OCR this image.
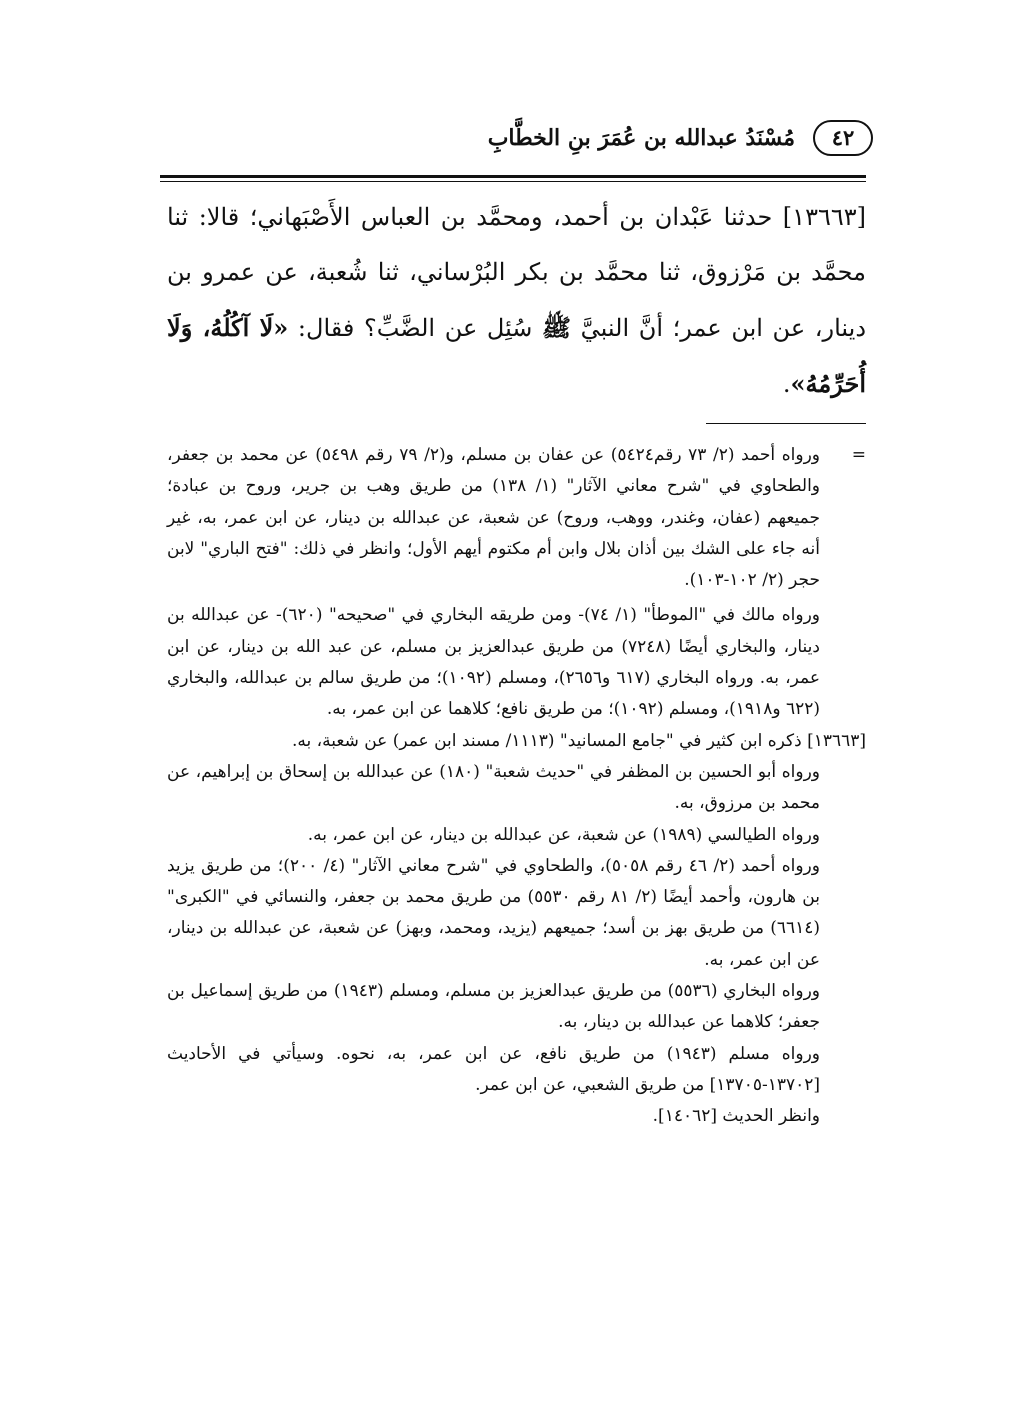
٤٢
مُسْنَدُ عبدالله بن عُمَرَ بنِ الخطَّابِ

[١٣٦٦٣] حدثنا عَبْدان بن أحمد، ومحمَّد بن العباس الأَصْبَهاني؛ قالا: ثنا محمَّد بن مَرْزوق، ثنا محمَّد بن بكر البُرْساني، ثنا شُعبة، عن عمرو بن دينار، عن ابن عمر؛ أنَّ النبيَّ ﷺ سُئِل عن الضَّبِّ؟ فقال: «لَا آكُلُهُ، وَلَا أُحَرِّمُهُ».

=
ورواه أحمد (٢/ ٧٣ رقم٥٤٢٤) عن عفان بن مسلم، و(٢/ ٧٩ رقم ٥٤٩٨) عن محمد بن جعفر، والطحاوي في "شرح معاني الآثار" (١/ ١٣٨) من طريق وهب بن جرير، وروح بن عبادة؛ جميعهم (عفان، وغندر، ووهب، وروح) عن شعبة، عن عبدالله بن دينار، عن ابن عمر، به، غير أنه جاء على الشك بين أذان بلال وابن أم مكتوم أيهم الأول؛ وانظر في ذلك: "فتح الباري" لابن حجر (٢/ ١٠٢-١٠٣).

ورواه مالك في "الموطأ" (١/ ٧٤)- ومن طريقه البخاري في "صحيحه" (٦٢٠)- عن عبدالله بن دينار، والبخاري أيضًا (٧٢٤٨) من طريق عبدالعزيز بن مسلم، عن عبد الله بن دينار، عن ابن عمر، به. ورواه البخاري (٦١٧ و٢٦٥٦)، ومسلم (١٠٩٢)؛ من طريق سالم بن عبدالله، والبخاري (٦٢٢ و١٩١٨)، ومسلم (١٠٩٢)؛ من طريق نافع؛ كلاهما عن ابن عمر، به.

[١٣٦٦٣] ذكره ابن كثير في "جامع المسانيد" (١١١٣/ مسند ابن عمر) عن شعبة، به.

ورواه أبو الحسين بن المظفر في "حديث شعبة" (١٨٠) عن عبدالله بن إسحاق بن إبراهيم، عن محمد بن مرزوق، به.

ورواه الطيالسي (١٩٨٩) عن شعبة، عن عبدالله بن دينار، عن ابن عمر، به.

ورواه أحمد (٢/ ٤٦ رقم ٥٠٥٨)، والطحاوي في "شرح معاني الآثار" (٤/ ٢٠٠)؛ من طريق يزيد بن هارون، وأحمد أيضًا (٢/ ٨١ رقم ٥٥٣٠) من طريق محمد بن جعفر، والنسائي في "الكبرى" (٦٦١٤) من طريق بهز بن أسد؛ جميعهم (يزيد، ومحمد، وبهز) عن شعبة، عن عبدالله بن دينار، عن ابن عمر، به.

ورواه البخاري (٥٥٣٦) من طريق عبدالعزيز بن مسلم، ومسلم (١٩٤٣) من طريق إسماعيل بن جعفر؛ كلاهما عن عبدالله بن دينار، به.

ورواه مسلم (١٩٤٣) من طريق نافع، عن ابن عمر، به، نحوه. وسيأتي في الأحاديث [١٣٧٠٢-١٣٧٠٥] من طريق الشعبي، عن ابن عمر.

وانظر الحديث [١٤٠٦٢].
